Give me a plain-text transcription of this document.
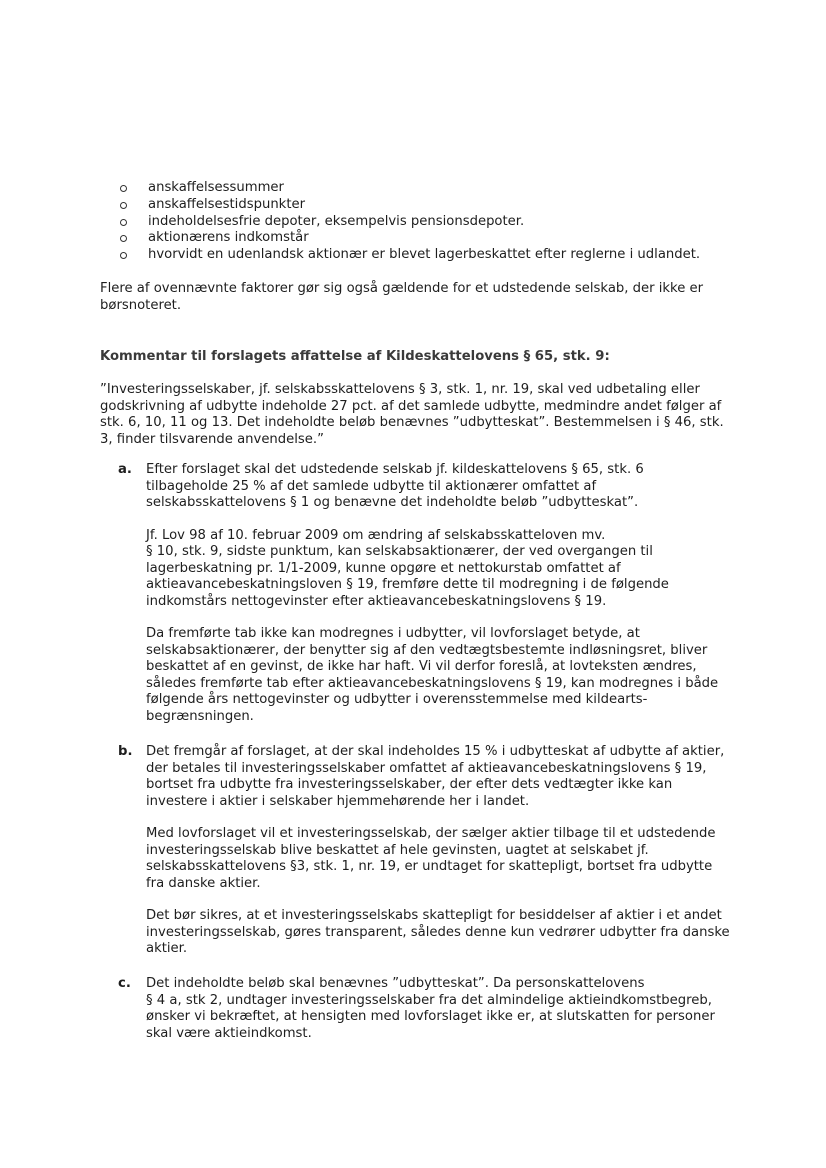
anskaffelsessummer
anskaffelsestidspunkter
indeholdelsesfrie depoter, eksempelvis pensionsdepoter.
aktionærens indkomstår
hvorvidt en udenlandsk aktionær er blevet lagerbeskattet efter reglerne i udlandet.
Flere af ovennævnte faktorer gør sig også gældende for et udstedende selskab, der ikke er
børsnoteret.

Kommentar til forslagets affattelse af Kildeskattelovens § 65, stk. 9:

”Investeringsselskaber, jf. selskabsskattelovens § 3, stk. 1, nr. 19, skal ved udbetaling eller
godskrivning af udbytte indeholde 27 pct. af det samlede udbytte, medmindre andet følger af
stk. 6, 10, 11 og 13. Det indeholdte beløb benævnes ”udbytteskat”. Bestemmelsen i § 46, stk.
3, finder tilsvarende anvendelse.”
a. Efter forslaget skal det udstedende selskab jf. kildeskattelovens § 65, stk. 6
tilbageholde 25 % af det samlede udbytte til aktionærer omfattet af
selskabsskattelovens § 1 og benævne det indeholdte beløb ”udbytteskat”.

Jf. Lov 98 af 10. februar 2009 om ændring af selskabsskatteloven mv.
§ 10, stk. 9, sidste punktum, kan selskabsaktionærer, der ved overgangen til
lagerbeskatning pr. 1/1-2009, kunne opgøre et nettokurstab omfattet af
aktieavancebeskatningsloven § 19, fremføre dette til modregning i de følgende
indkomstårs nettogevinster efter aktieavancebeskatningslovens § 19.

Da fremførte tab ikke kan modregnes i udbytter, vil lovforslaget betyde, at
selskabsaktionærer, der benytter sig af den vedtægtsbestemte indløsningsret, bliver
beskattet af en gevinst, de ikke har haft. Vi vil derfor foreslå, at lovteksten ændres,
således fremførte tab efter aktieavancebeskatningslovens § 19, kan modregnes i både
følgende års nettogevinster og udbytter i overensstemmelse med kildearts-
begrænsningen.

b. Det fremgår af forslaget, at der skal indeholdes 15 % i udbytteskat af udbytte af aktier,
der betales til investeringsselskaber omfattet af aktieavancebeskatningslovens § 19,
bortset fra udbytte fra investeringsselskaber, der efter dets vedtægter ikke kan
investere i aktier i selskaber hjemmehørende her i landet.

Med lovforslaget vil et investeringsselskab, der sælger aktier tilbage til et udstedende
investeringsselskab blive beskattet af hele gevinsten, uagtet at selskabet jf.
selskabsskattelovens §3, stk. 1, nr. 19, er undtaget for skattepligt, bortset fra udbytte
fra danske aktier.

Det bør sikres, at et investeringsselskabs skattepligt for besiddelser af aktier i et andet
investeringsselskab, gøres transparent, således denne kun vedrører udbytter fra danske
aktier.

c. Det indeholdte beløb skal benævnes ”udbytteskat”. Da personskattelovens
§ 4 a, stk 2, undtager investeringsselskaber fra det almindelige aktieindkomstbegreb,
ønsker vi bekræftet, at hensigten med lovforslaget ikke er, at slutskatten for personer
skal være aktieindkomst.
